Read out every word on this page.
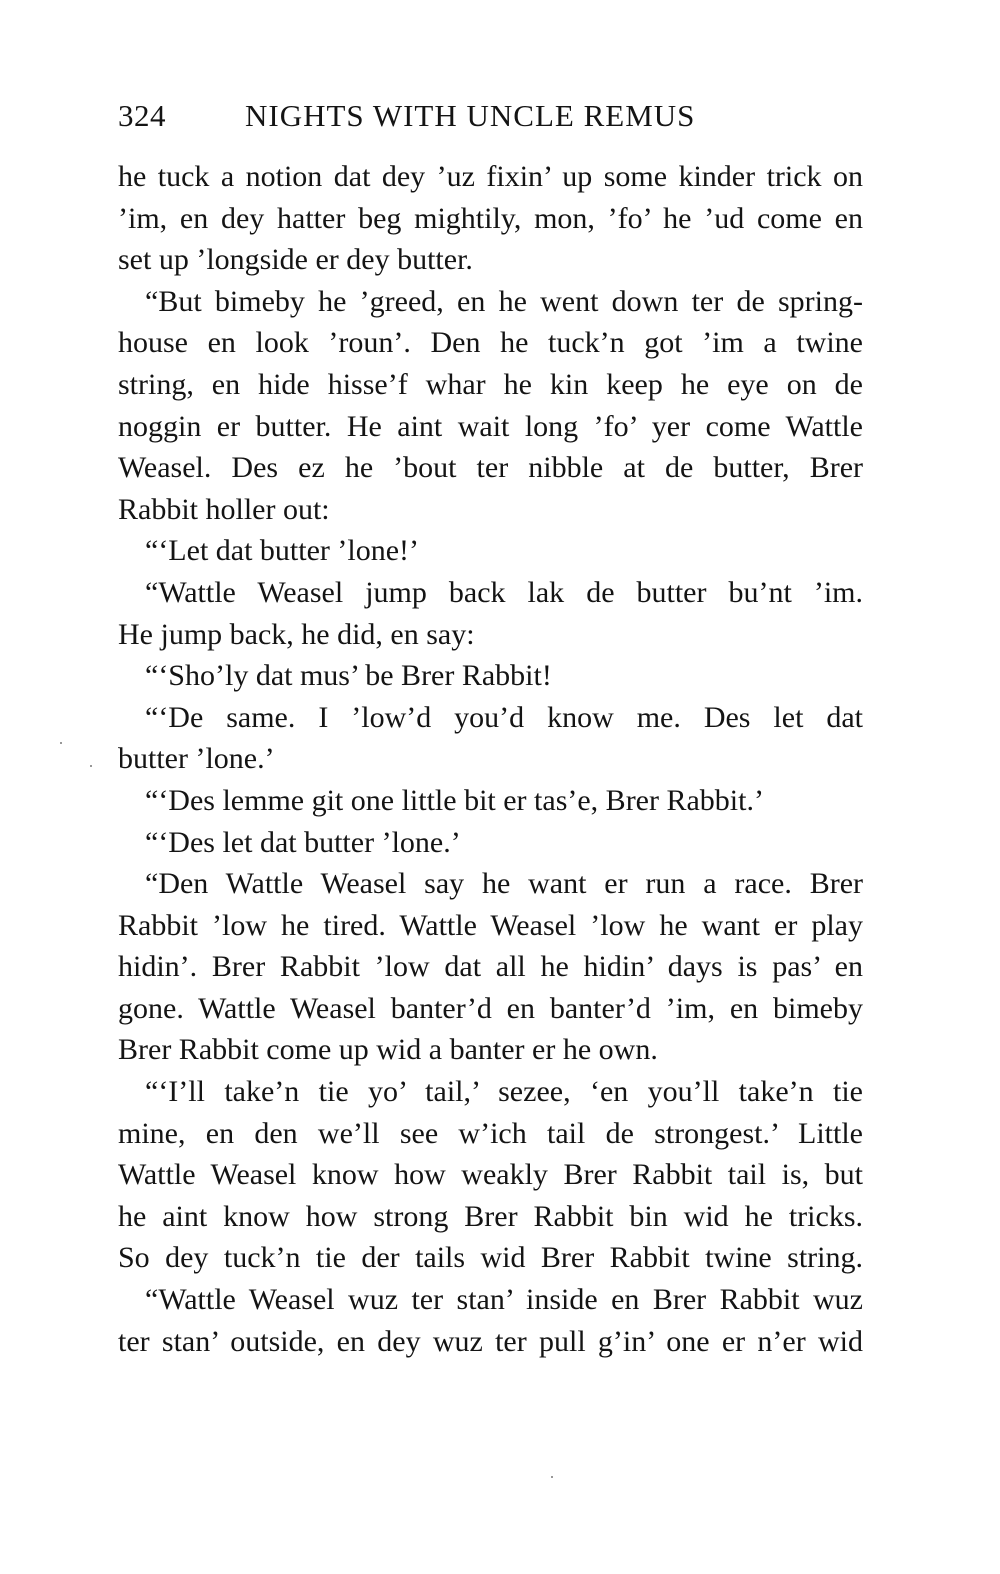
324	NIGHTS WITH UNCLE REMUS
he tuck a notion dat dey ’uz fixin’ up some kinder trick on
’im, en dey hatter beg mightily, mon, ’fo’ he ’ud come en
set up ’longside er dey butter.
“But bimeby he ’greed, en he went down ter de spring-
house en look ’roun’. Den he tuck’n got ’im a twine
string, en hide hisse’f whar he kin keep he eye on de
noggin er butter. He aint wait long ’fo’ yer come Wattle
Weasel. Des ez he ’bout ter nibble at de butter, Brer
Rabbit holler out:
“‘Let dat butter ’lone!’
“Wattle Weasel jump back lak de butter bu’nt ’im.
He jump back, he did, en say:
“‘Sho’ly dat mus’ be Brer Rabbit!
“‘De same. I ’low’d you’d know me. Des let dat
butter ’lone.’
“‘Des lemme git one little bit er tas’e, Brer Rabbit.’
“‘Des let dat butter ’lone.’
“Den Wattle Weasel say he want er run a race. Brer
Rabbit ’low he tired. Wattle Weasel ’low he want er play
hidin’. Brer Rabbit ’low dat all he hidin’ days is pas’ en
gone. Wattle Weasel banter’d en banter’d ’im, en bimeby
Brer Rabbit come up wid a banter er he own.
“‘I’ll take’n tie yo’ tail,’ sezee, ‘en you’ll take’n tie
mine, en den we’ll see w’ich tail de strongest.’ Little
Wattle Weasel know how weakly Brer Rabbit tail is, but
he aint know how strong Brer Rabbit bin wid he tricks.
So dey tuck’n tie der tails wid Brer Rabbit twine string.
“Wattle Weasel wuz ter stan’ inside en Brer Rabbit wuz
ter stan’ outside, en dey wuz ter pull g’in’ one er n’er wid
